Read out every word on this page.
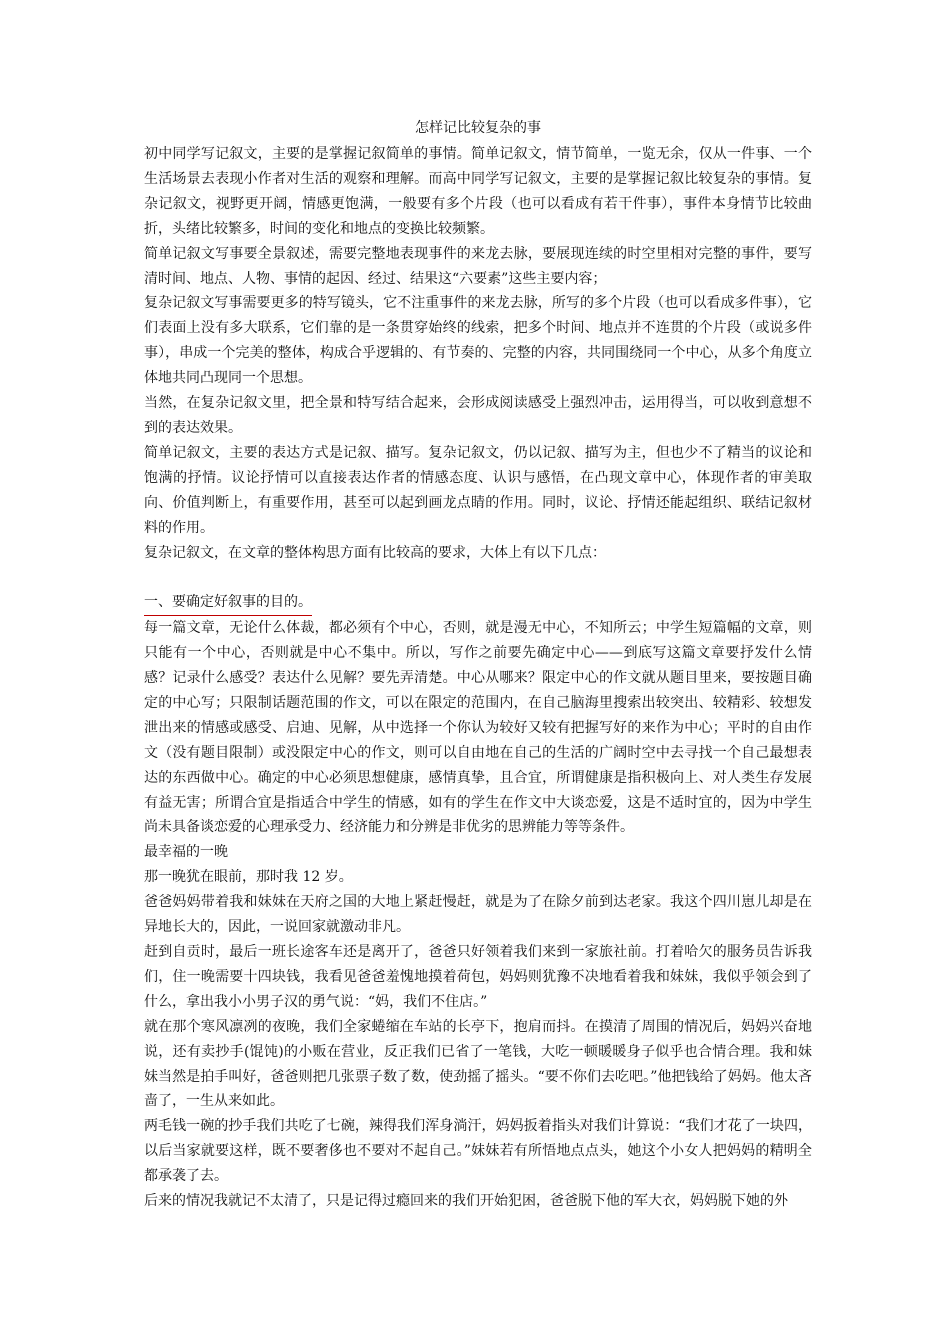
怎样记比较复杂的事

初中同学写记叙文，主要的是掌握记叙简单的事情。简单记叙文，情节简单，一览无余，仅从一件事、一个生活场景去表现小作者对生活的观察和理解。而高中同学写记叙文，主要的是掌握记叙比较复杂的事情。复杂记叙文，视野更开阔，情感更饱满，一般要有多个片段（也可以看成有若干件事），事件本身情节比较曲折，头绪比较繁多，时间的变化和地点的变换比较频繁。

简单记叙文写事要全景叙述，需要完整地表现事件的来龙去脉，要展现连续的时空里相对完整的事件，要写清时间、地点、人物、事情的起因、经过、结果这“六要素”这些主要内容；

复杂记叙文写事需要更多的特写镜头，它不注重事件的来龙去脉，所写的多个片段（也可以看成多件事），它们表面上没有多大联系，它们靠的是一条贯穿始终的线索，把多个时间、地点并不连贯的个片段（或说多件事），串成一个完美的整体，构成合乎逻辑的、有节奏的、完整的内容，共同围绕同一个中心，从多个角度立体地共同凸现同一个思想。

当然，在复杂记叙文里，把全景和特写结合起来，会形成阅读感受上强烈冲击，运用得当，可以收到意想不到的表达效果。

简单记叙文，主要的表达方式是记叙、描写。复杂记叙文，仍以记叙、描写为主，但也少不了精当的议论和饱满的抒情。议论抒情可以直接表达作者的情感态度、认识与感悟，在凸现文章中心，体现作者的审美取向、价值判断上，有重要作用，甚至可以起到画龙点睛的作用。同时，议论、抒情还能起组织、联结记叙材料的作用。

复杂记叙文，在文章的整体构思方面有比较高的要求，大体上有以下几点：

一、要确定好叙事的目的。

每一篇文章，无论什么体裁，都必须有个中心，否则，就是漫无中心，不知所云；中学生短篇幅的文章，则只能有一个中心，否则就是中心不集中。所以，写作之前要先确定中心——到底写这篇文章要抒发什么情感？记录什么感受？表达什么见解？要先弄清楚。中心从哪来？限定中心的作文就从题目里来，要按题目确定的中心写；只限制话题范围的作文，可以在限定的范围内，在自己脑海里搜索出较突出、较精彩、较想发泄出来的情感或感受、启迪、见解，从中选择一个你认为较好又较有把握写好的来作为中心；平时的自由作文（没有题目限制）或没限定中心的作文，则可以自由地在自己的生活的广阔时空中去寻找一个自己最想表达的东西做中心。确定的中心必须思想健康，感情真挚，且合宜，所谓健康是指积极向上、对人类生存发展有益无害；所谓合宜是指适合中学生的情感，如有的学生在作文中大谈恋爱，这是不适时宜的，因为中学生尚未具备谈恋爱的心理承受力、经济能力和分辨是非优劣的思辨能力等等条件。

最幸福的一晚

那一晚犹在眼前，那时我 12 岁。

爸爸妈妈带着我和妹妹在天府之国的大地上紧赶慢赶，就是为了在除夕前到达老家。我这个四川崽儿却是在异地长大的，因此，一说回家就激动非凡。

赶到自贡时，最后一班长途客车还是离开了，爸爸只好领着我们来到一家旅社前。打着哈欠的服务员告诉我们，住一晚需要十四块钱，我看见爸爸羞愧地摸着荷包，妈妈则犹豫不决地看着我和妹妹，我似乎领会到了什么，拿出我小小男子汉的勇气说：“妈，我们不住店。”

就在那个寒风凛冽的夜晚，我们全家蜷缩在车站的长亭下，抱肩而抖。在摸清了周围的情况后，妈妈兴奋地说，还有卖抄手(馄饨)的小贩在营业，反正我们已省了一笔钱，大吃一顿暖暖身子似乎也合情合理。我和妹妹当然是拍手叫好，爸爸则把几张票子数了数，使劲摇了摇头。“要不你们去吃吧。”他把钱给了妈妈。他太吝啬了，一生从来如此。

两毛钱一碗的抄手我们共吃了七碗，辣得我们浑身淌汗，妈妈扳着指头对我们计算说：“我们才花了一块四，以后当家就要这样，既不要奢侈也不要对不起自己。”妹妹若有所悟地点点头，她这个小女人把妈妈的精明全都承袭了去。

后来的情况我就记不太清了，只是记得过瘾回来的我们开始犯困，爸爸脱下他的军大衣，妈妈脱下她的外
